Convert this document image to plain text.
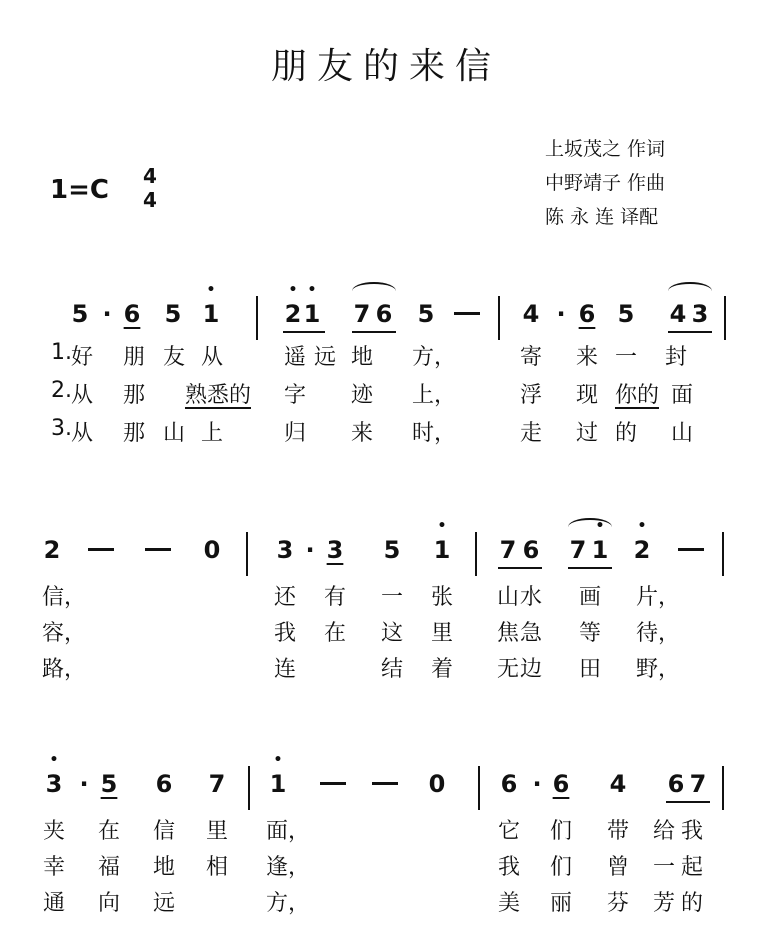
朋友的来信
上坂茂之 作词
中野靖子 作曲
陈 永 连 译配
1=C 4
4
5 · 6 5 • 1	• 2 • 1 7 6 5	4 · 6 5 4 3
1.
好 朋 友 从	遥 远 地 方，	寄 来 一 封
2.
从 那 熟 悉 的 字 迹 上，	浮 现 你 的 面
3.
从 那 山 上	归 来 时，	走 过 的 山
2	0 3 · 3 5 • 1 7 6 7 • 1 • 2
信，	还 有 一 张 山 水 画 片，
容，	我 在 这 里 焦 急 等 待，
路，	连	结 着 无 边 田 野，
• 3 · 5 6 7 • 1	0 6 · 6 4 6 7
夹 在 信 里 面，	它 们 带 给 我
幸 福 地 相 逢，	我 们 曾 一 起
通 向 远	方，	美 丽 芬 芳 的
